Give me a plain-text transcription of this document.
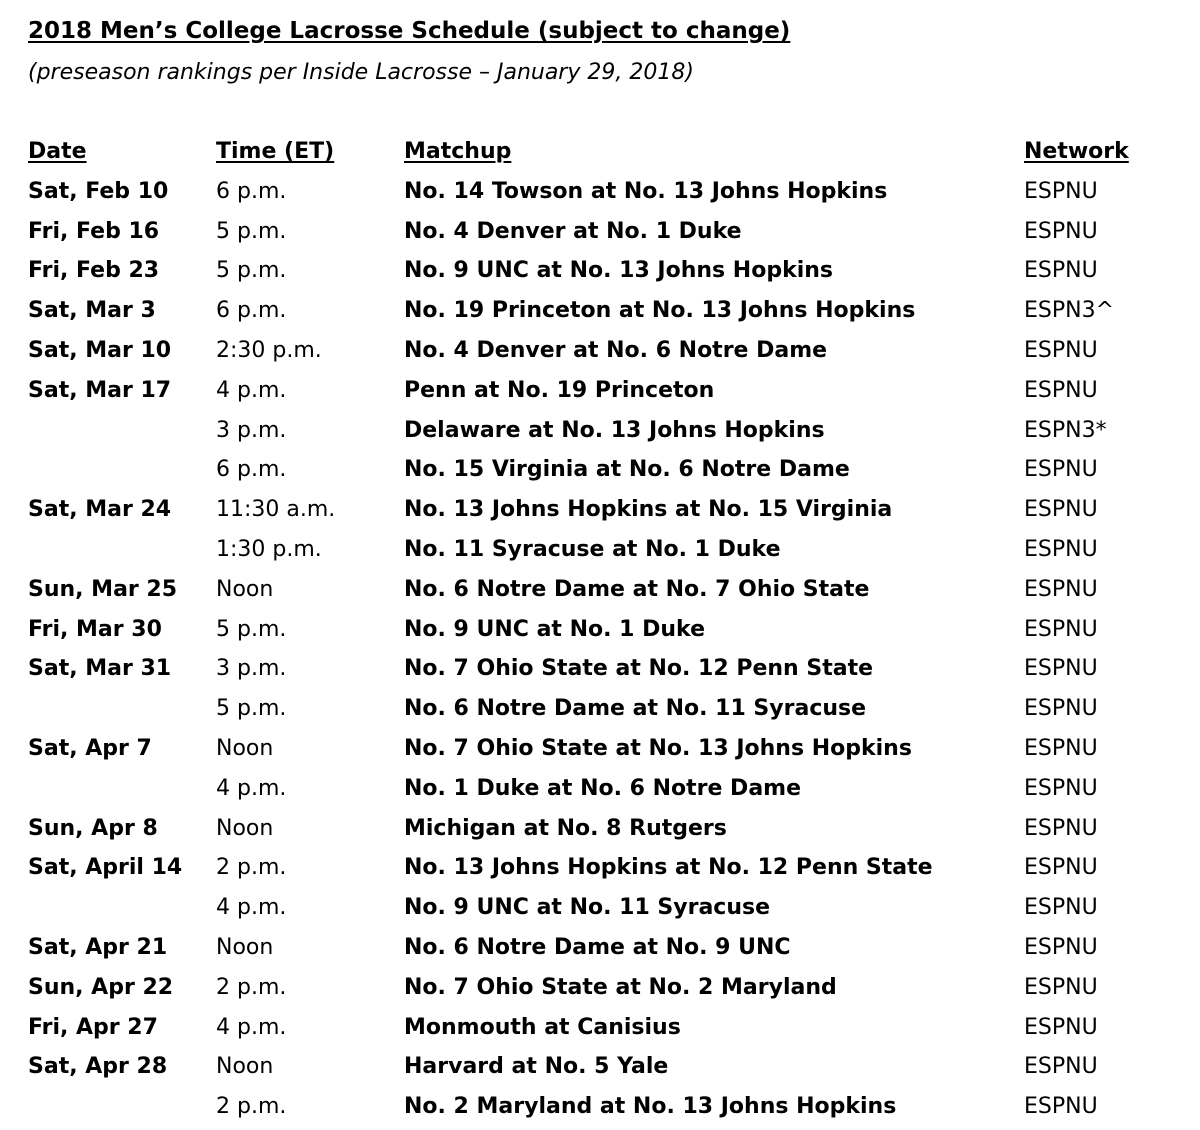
2018 Men’s College Lacrosse Schedule (subject to change)
(preseason rankings per Inside Lacrosse – January 29, 2018)
Date	Time (ET)	Matchup	Network
Sat, Feb 10	6 p.m.	No. 14 Towson at No. 13 Johns Hopkins	ESPNU
Fri, Feb 16	5 p.m.	No. 4 Denver at No. 1 Duke	ESPNU
Fri, Feb 23	5 p.m.	No. 9 UNC at No. 13 Johns Hopkins	ESPNU
Sat, Mar 3	6 p.m.	No. 19 Princeton at No. 13 Johns Hopkins	ESPN3^
Sat, Mar 10	2:30 p.m.	No. 4 Denver at No. 6 Notre Dame	ESPNU
Sat, Mar 17	4 p.m.	Penn at No. 19 Princeton	ESPNU
	3 p.m.	Delaware at No. 13 Johns Hopkins	ESPN3*
	6 p.m.	No. 15 Virginia at No. 6 Notre Dame	ESPNU
Sat, Mar 24	11:30 a.m.	No. 13 Johns Hopkins at No. 15 Virginia	ESPNU
	1:30 p.m.	No. 11 Syracuse at No. 1 Duke	ESPNU
Sun, Mar 25	Noon	No. 6 Notre Dame at No. 7 Ohio State	ESPNU
Fri, Mar 30	5 p.m.	No. 9 UNC at No. 1 Duke	ESPNU
Sat, Mar 31	3 p.m.	No. 7 Ohio State at No. 12 Penn State	ESPNU
	5 p.m.	No. 6 Notre Dame at No. 11 Syracuse	ESPNU
Sat, Apr 7	Noon	No. 7 Ohio State at No. 13 Johns Hopkins	ESPNU
	4 p.m.	No. 1 Duke at No. 6 Notre Dame	ESPNU
Sun, Apr 8	Noon	Michigan at No. 8 Rutgers	ESPNU
Sat, April 14	2 p.m.	No. 13 Johns Hopkins at No. 12 Penn State	ESPNU
	4 p.m.	No. 9 UNC at No. 11 Syracuse	ESPNU
Sat, Apr 21	Noon	No. 6 Notre Dame at No. 9 UNC	ESPNU
Sun, Apr 22	2 p.m.	No. 7 Ohio State at No. 2 Maryland	ESPNU
Fri, Apr 27	4 p.m.	Monmouth at Canisius	ESPNU
Sat, Apr 28	Noon	Harvard at No. 5 Yale	ESPNU
	2 p.m.	No. 2 Maryland at No. 13 Johns Hopkins	ESPNU
